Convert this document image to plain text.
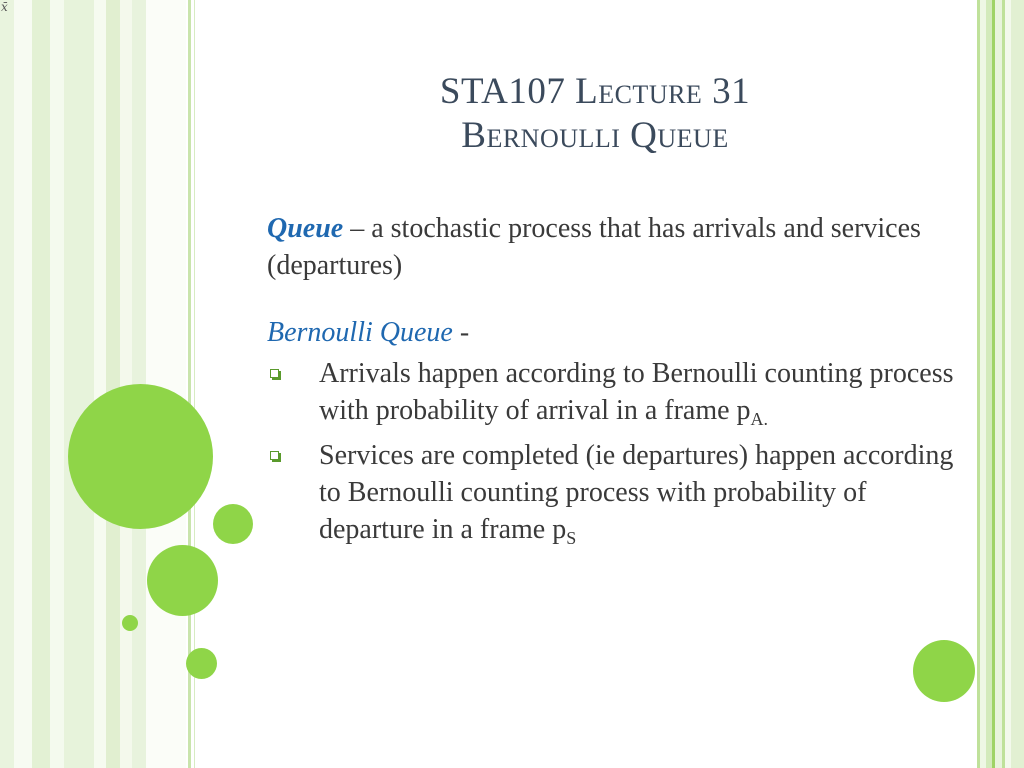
x̄
STA107 Lecture 31
Bernoulli Queue

Queue – a stochastic process that has arrivals and services (departures)

Bernoulli Queue -

Arrivals happen according to Bernoulli counting process with probability of arrival in a frame $p_{A.}$
Services are completed (ie departures) happen according to Bernoulli counting process with probability of departure in a frame $p_S$
